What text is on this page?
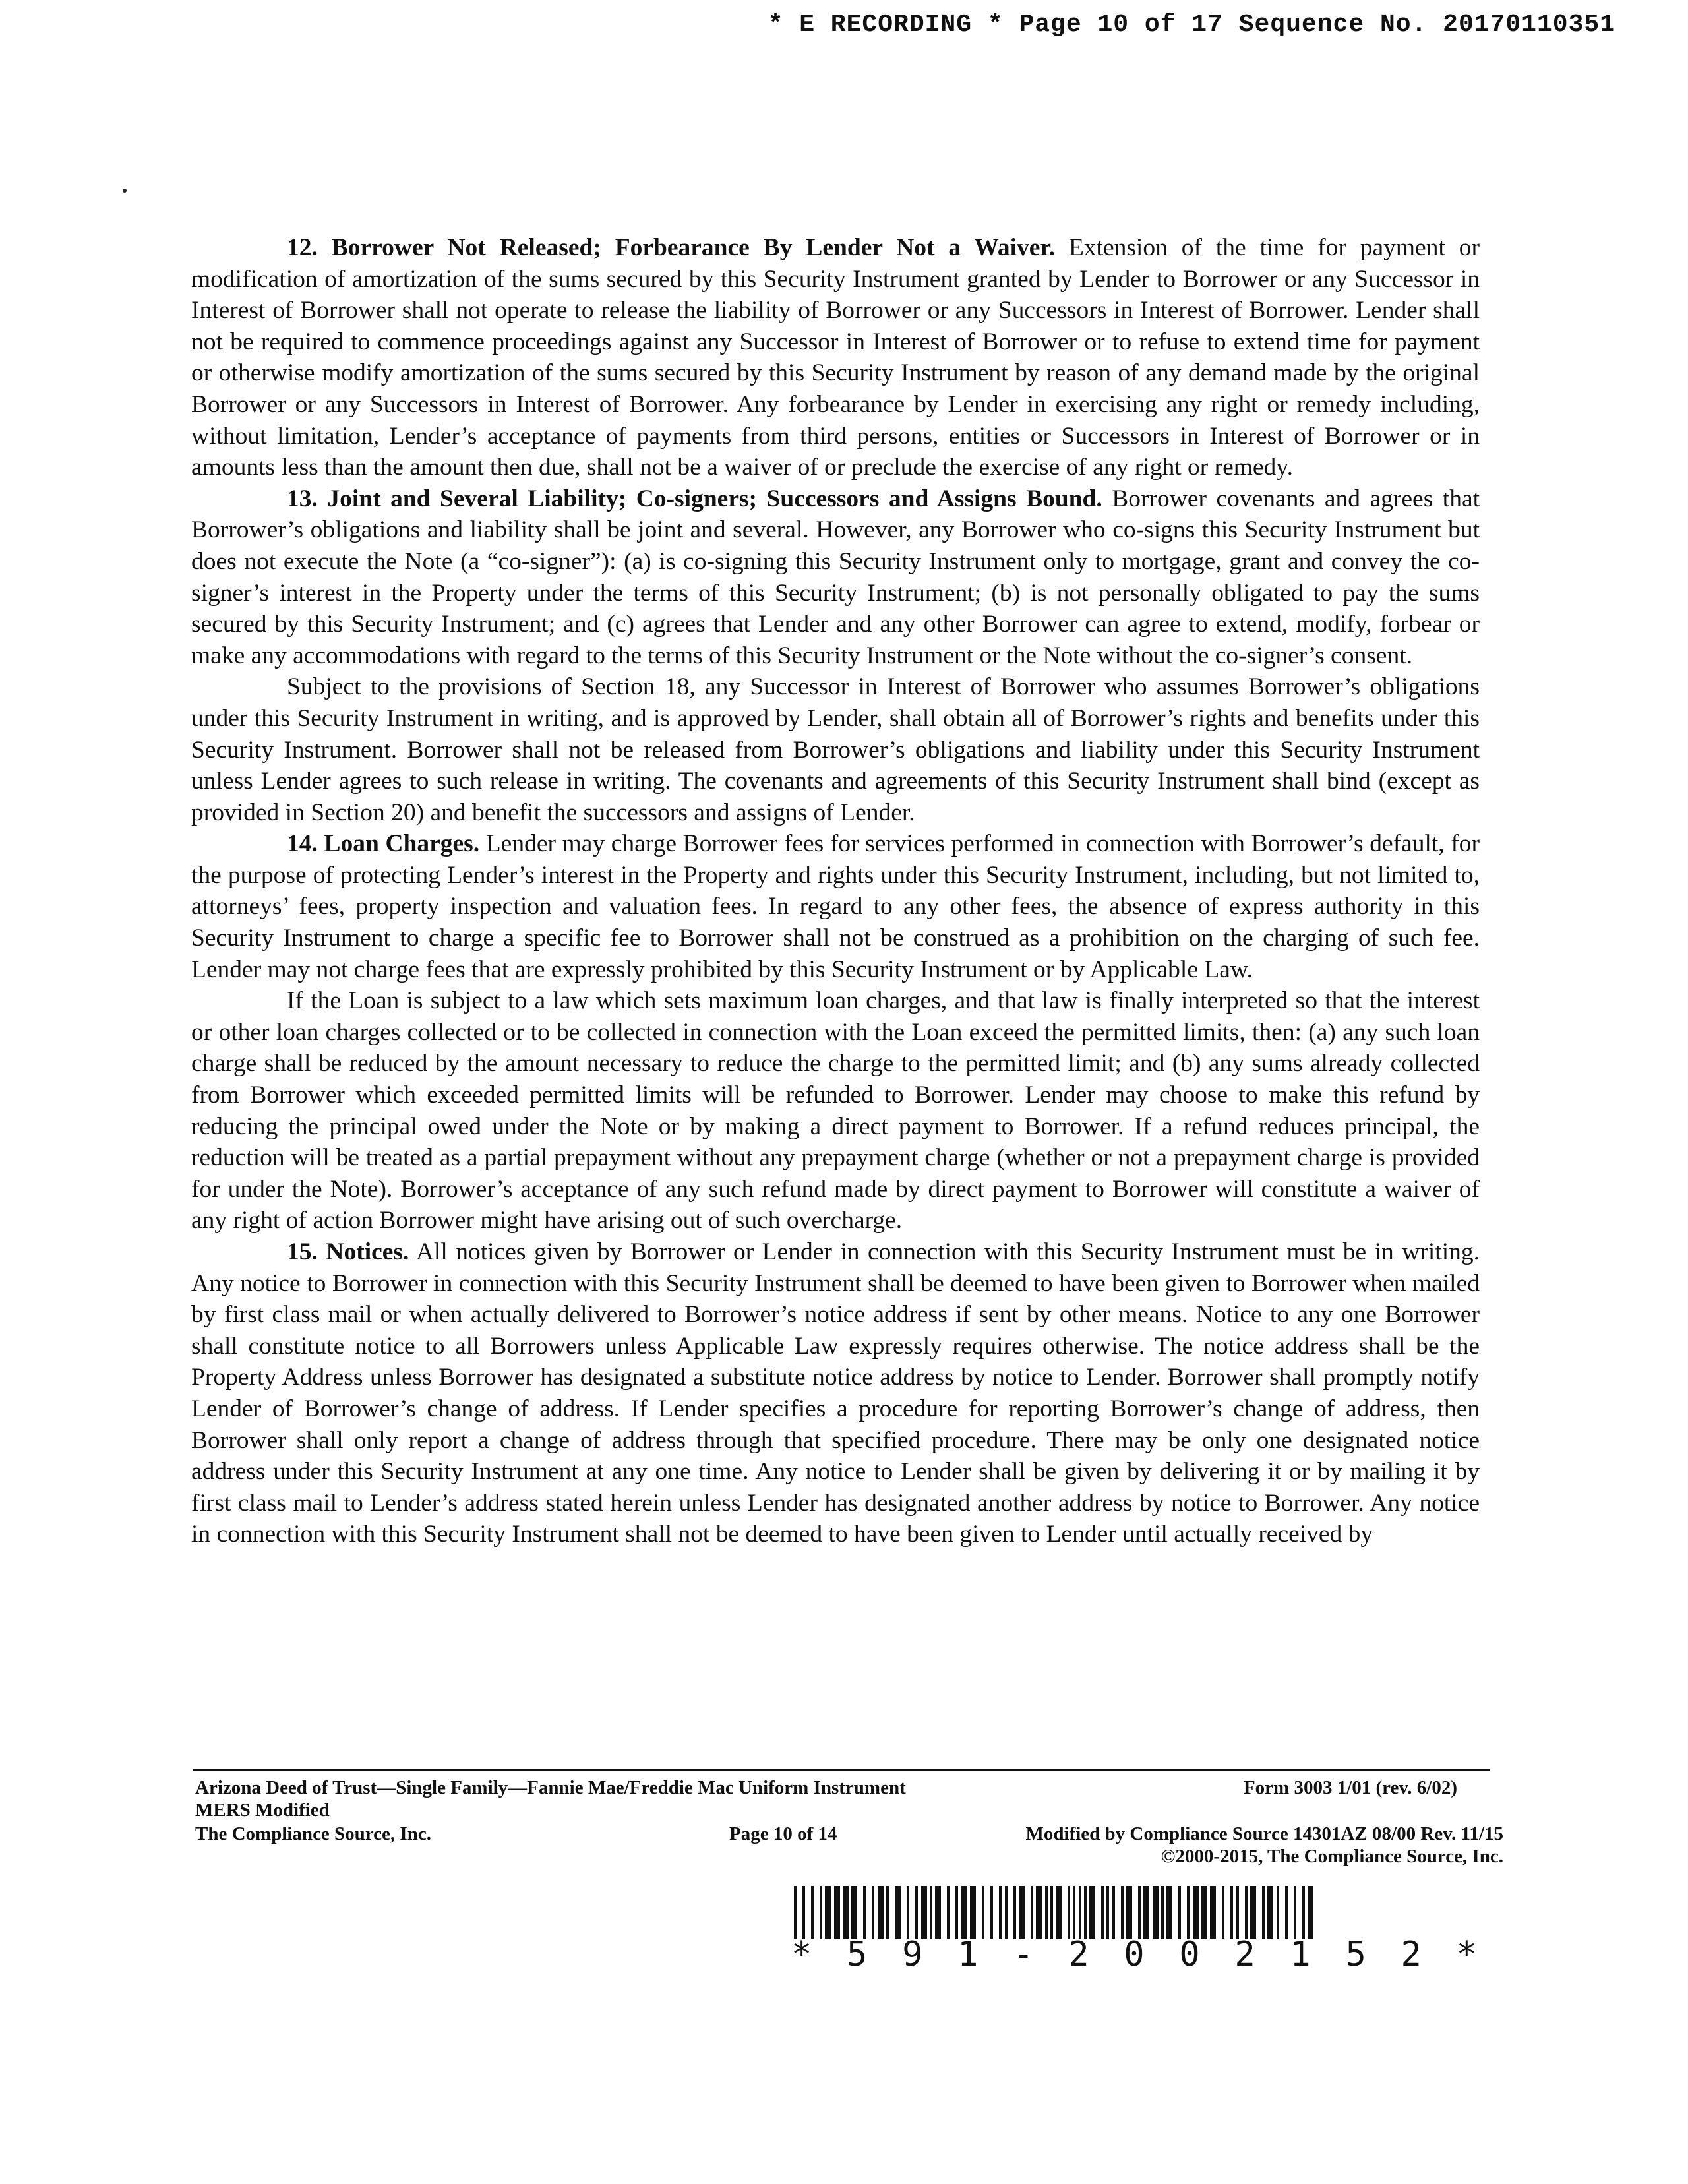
* E RECORDING * Page 10 of 17 Sequence No. 20170110351

12. Borrower Not Released; Forbearance By Lender Not a Waiver. Extension of the time for payment or modification of amortization of the sums secured by this Security Instrument granted by Lender to Borrower or any Successor in Interest of Borrower shall not operate to release the liability of Borrower or any Successors in Interest of Borrower. Lender shall not be required to commence proceedings against any Successor in Interest of Borrower or to refuse to extend time for payment or otherwise modify amortization of the sums secured by this Security Instrument by reason of any demand made by the original Borrower or any Successors in Interest of Borrower. Any forbearance by Lender in exercising any right or remedy including, without limitation, Lender’s acceptance of payments from third persons, entities or Successors in Interest of Borrower or in amounts less than the amount then due, shall not be a waiver of or preclude the exercise of any right or remedy.

13. Joint and Several Liability; Co-signers; Successors and Assigns Bound. Borrower covenants and agrees that Borrower’s obligations and liability shall be joint and several. However, any Borrower who co-signs this Security Instrument but does not execute the Note (a “co-signer”): (a) is co-signing this Security Instrument only to mortgage, grant and convey the co-signer’s interest in the Property under the terms of this Security Instrument; (b) is not personally obligated to pay the sums secured by this Security Instrument; and (c) agrees that Lender and any other Borrower can agree to extend, modify, forbear or make any accommodations with regard to the terms of this Security Instrument or the Note without the co-signer’s consent.

Subject to the provisions of Section 18, any Successor in Interest of Borrower who assumes Borrower’s obligations under this Security Instrument in writing, and is approved by Lender, shall obtain all of Borrower’s rights and benefits under this Security Instrument. Borrower shall not be released from Borrower’s obligations and liability under this Security Instrument unless Lender agrees to such release in writing. The covenants and agreements of this Security Instrument shall bind (except as provided in Section 20) and benefit the successors and assigns of Lender.

14. Loan Charges. Lender may charge Borrower fees for services performed in connection with Borrower’s default, for the purpose of protecting Lender’s interest in the Property and rights under this Security Instrument, including, but not limited to, attorneys’ fees, property inspection and valuation fees. In regard to any other fees, the absence of express authority in this Security Instrument to charge a specific fee to Borrower shall not be construed as a prohibition on the charging of such fee. Lender may not charge fees that are expressly prohibited by this Security Instrument or by Applicable Law.

If the Loan is subject to a law which sets maximum loan charges, and that law is finally interpreted so that the interest or other loan charges collected or to be collected in connection with the Loan exceed the permitted limits, then: (a) any such loan charge shall be reduced by the amount necessary to reduce the charge to the permitted limit; and (b) any sums already collected from Borrower which exceeded permitted limits will be refunded to Borrower. Lender may choose to make this refund by reducing the principal owed under the Note or by making a direct payment to Borrower. If a refund reduces principal, the reduction will be treated as a partial prepayment without any prepayment charge (whether or not a prepayment charge is provided for under the Note). Borrower’s acceptance of any such refund made by direct payment to Borrower will constitute a waiver of any right of action Borrower might have arising out of such overcharge.

15. Notices. All notices given by Borrower or Lender in connection with this Security Instrument must be in writing. Any notice to Borrower in connection with this Security Instrument shall be deemed to have been given to Borrower when mailed by first class mail or when actually delivered to Borrower’s notice address if sent by other means. Notice to any one Borrower shall constitute notice to all Borrowers unless Applicable Law expressly requires otherwise. The notice address shall be the Property Address unless Borrower has designated a substitute notice address by notice to Lender. Borrower shall promptly notify Lender of Borrower’s change of address. If Lender specifies a procedure for reporting Borrower’s change of address, then Borrower shall only report a change of address through that specified procedure. There may be only one designated notice address under this Security Instrument at any one time. Any notice to Lender shall be given by delivering it or by mailing it by first class mail to Lender’s address stated herein unless Lender has designated another address by notice to Borrower. Any notice in connection with this Security Instrument shall not be deemed to have been given to Lender until actually received by

Arizona Deed of Trust—Single Family—Fannie Mae/Freddie Mac Uniform Instrument	Form 3003 1/01 (rev. 6/02)
MERS Modified
The Compliance Source, Inc.	Page 10 of 14	Modified by Compliance Source 14301AZ 08/00 Rev. 11/15
©2000-2015, The Compliance Source, Inc.
* 5 9 1 - 2 0 0 2 1 5 2 *
